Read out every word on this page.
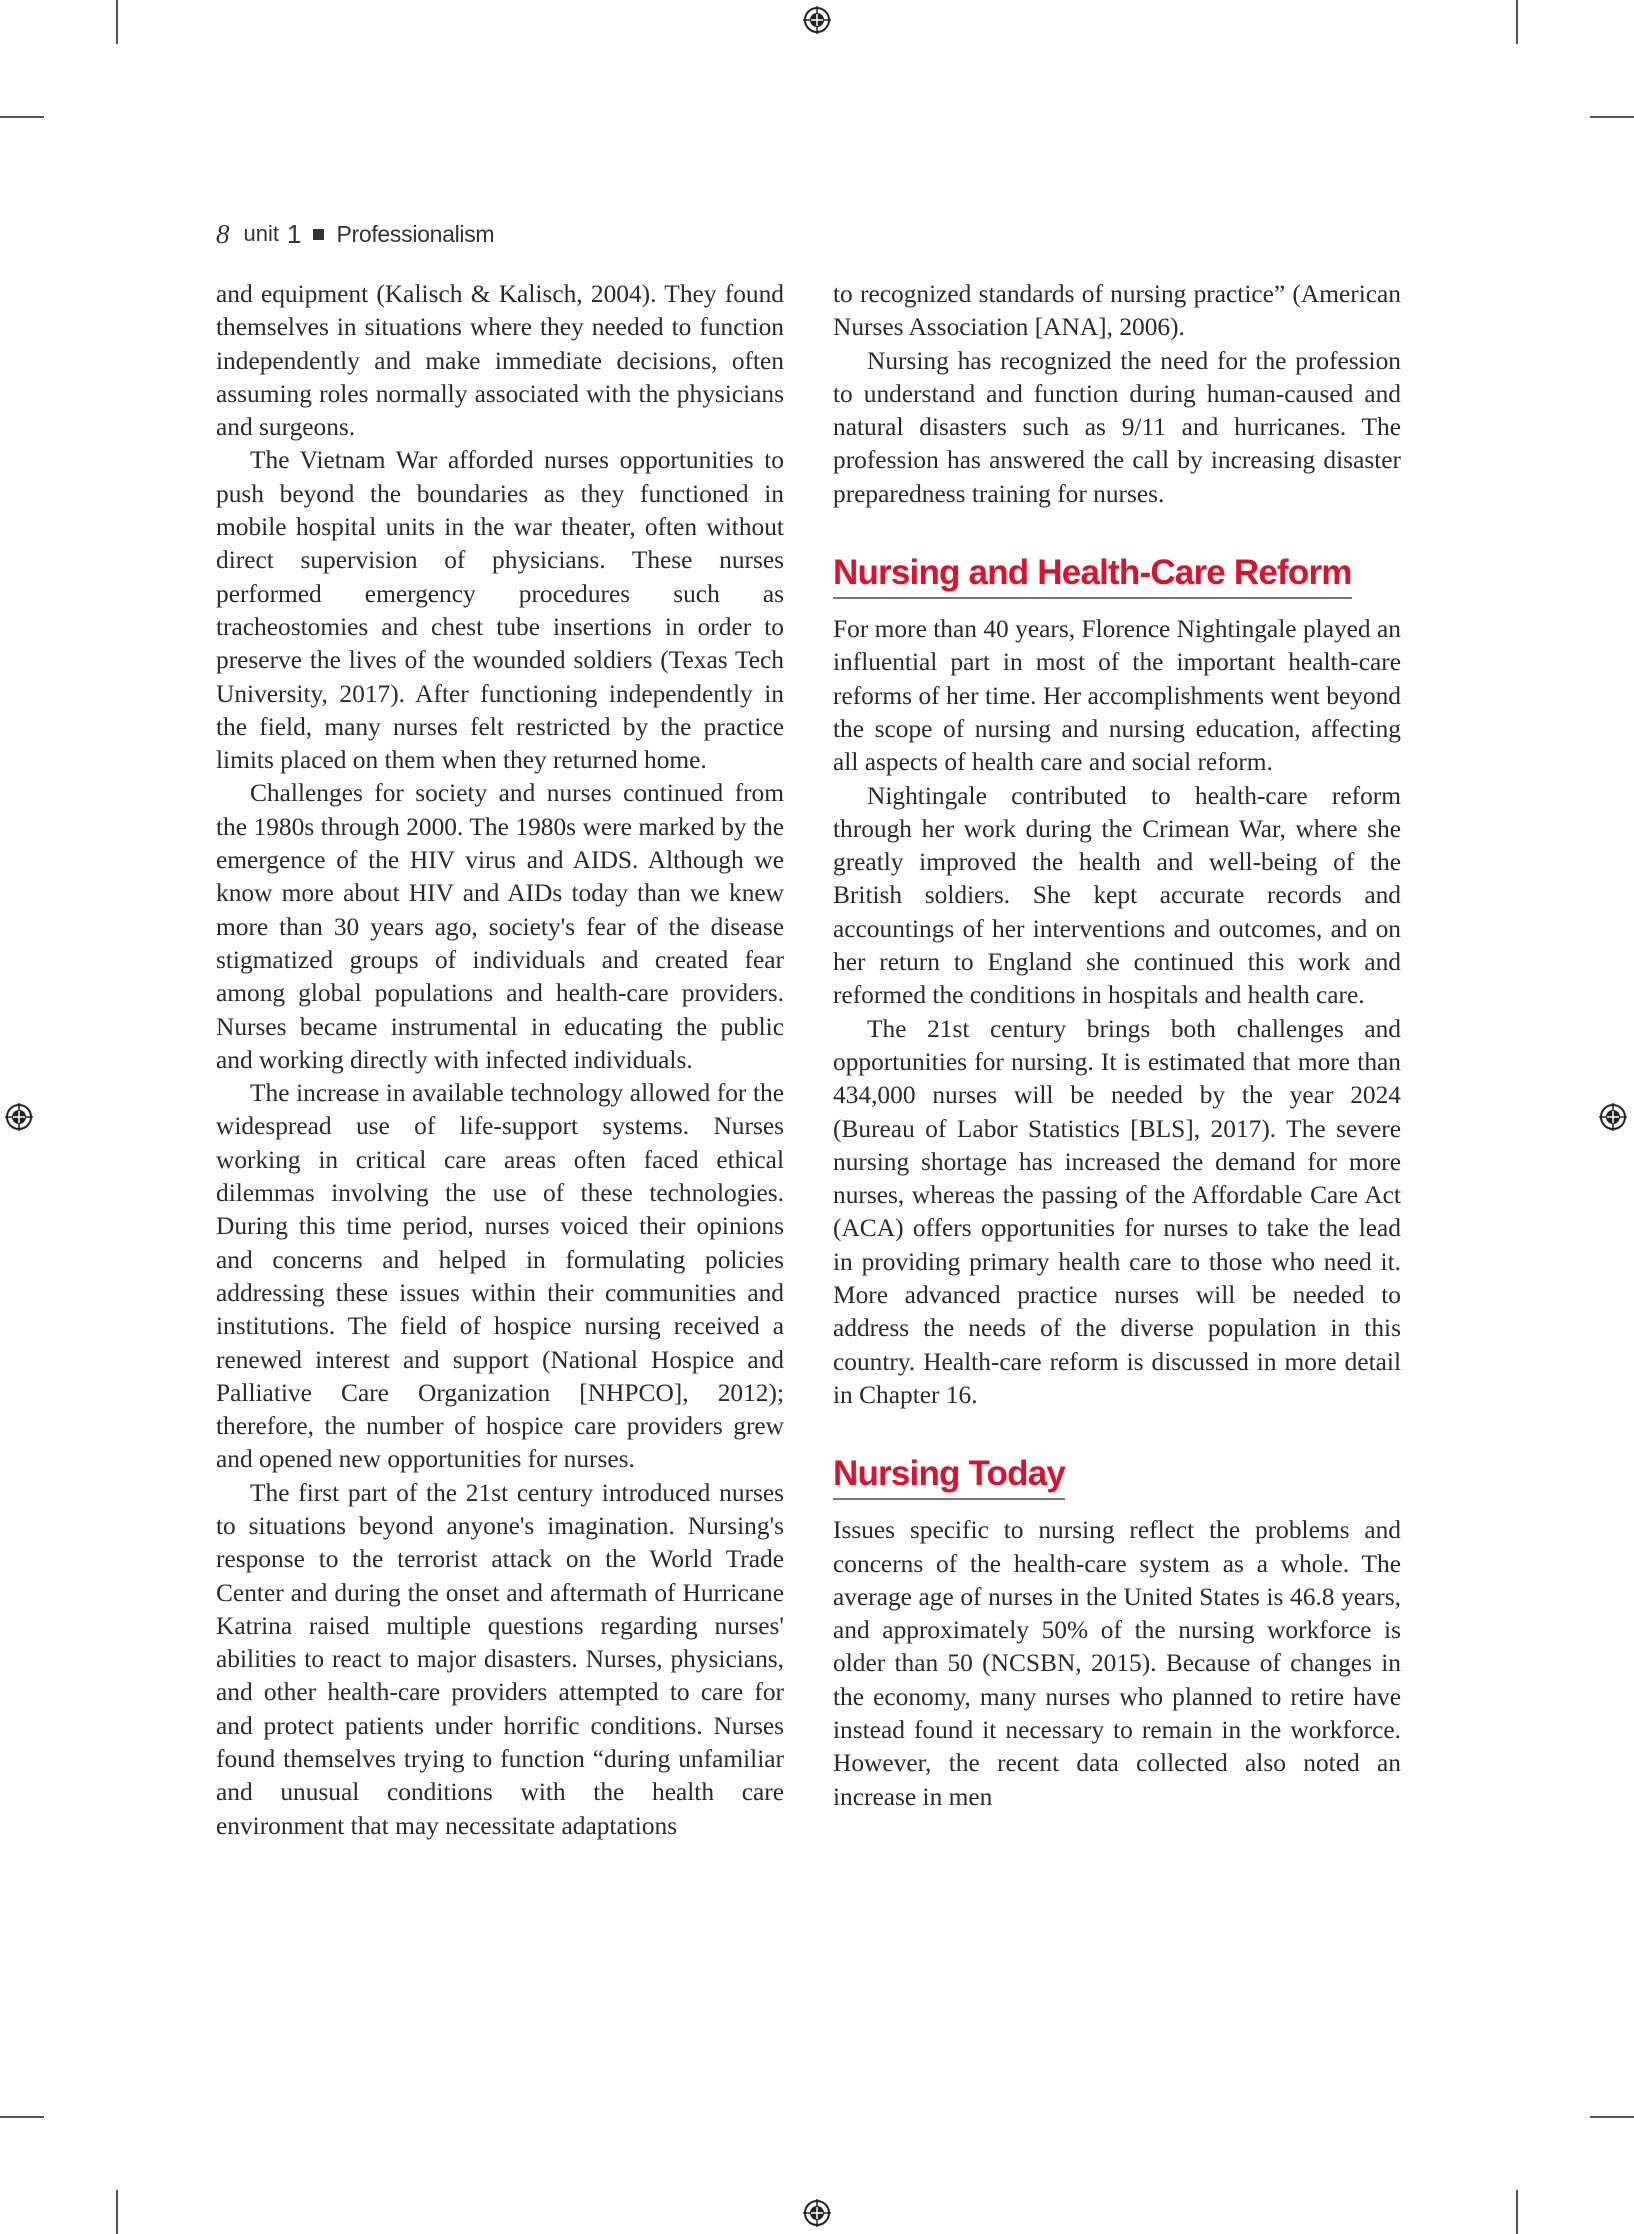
8 unit 1 Professionalism

and equipment (Kalisch & Kalisch, 2004). They found themselves in situations where they needed to function independently and make immediate decisions, often assuming roles normally associated with the physicians and surgeons.

The Vietnam War afforded nurses opportunities to push beyond the boundaries as they functioned in mobile hospital units in the war theater, often without direct supervision of physicians. These nurses performed emergency procedures such as tracheostomies and chest tube insertions in order to preserve the lives of the wounded soldiers (Texas Tech University, 2017). After functioning independently in the field, many nurses felt restricted by the practice limits placed on them when they returned home.

Challenges for society and nurses continued from the 1980s through 2000. The 1980s were marked by the emergence of the HIV virus and AIDS. Although we know more about HIV and AIDs today than we knew more than 30 years ago, society's fear of the disease stigmatized groups of individuals and created fear among global populations and health-care providers. Nurses became instrumental in educating the public and working directly with infected individuals.

The increase in available technology allowed for the widespread use of life-support systems. Nurses working in critical care areas often faced ethical dilemmas involving the use of these technologies. During this time period, nurses voiced their opinions and concerns and helped in formulating policies addressing these issues within their communities and institutions. The field of hospice nursing received a renewed interest and support (National Hospice and Palliative Care Organization [NHPCO], 2012); therefore, the number of hospice care providers grew and opened new opportunities for nurses.

The first part of the 21st century introduced nurses to situations beyond anyone's imagination. Nursing's response to the terrorist attack on the World Trade Center and during the onset and aftermath of Hurricane Katrina raised multiple questions regarding nurses' abilities to react to major disasters. Nurses, physicians, and other health-care providers attempted to care for and protect patients under horrific conditions. Nurses found themselves trying to function “during unfamiliar and unusual conditions with the health care environment that may necessitate adaptations

to recognized standards of nursing practice” (American Nurses Association [ANA], 2006).

Nursing has recognized the need for the profession to understand and function during human-caused and natural disasters such as 9/11 and hurricanes. The profession has answered the call by increasing disaster preparedness training for nurses.

Nursing and Health-Care Reform

For more than 40 years, Florence Nightingale played an influential part in most of the important health-care reforms of her time. Her accomplishments went beyond the scope of nursing and nursing education, affecting all aspects of health care and social reform.

Nightingale contributed to health-care reform through her work during the Crimean War, where she greatly improved the health and well-being of the British soldiers. She kept accurate records and accountings of her interventions and outcomes, and on her return to England she continued this work and reformed the conditions in hospitals and health care.

The 21st century brings both challenges and opportunities for nursing. It is estimated that more than 434,000 nurses will be needed by the year 2024 (Bureau of Labor Statistics [BLS], 2017). The severe nursing shortage has increased the demand for more nurses, whereas the passing of the Affordable Care Act (ACA) offers opportunities for nurses to take the lead in providing primary health care to those who need it. More advanced practice nurses will be needed to address the needs of the diverse population in this country. Health-care reform is discussed in more detail in Chapter 16.

Nursing Today

Issues specific to nursing reflect the problems and concerns of the health-care system as a whole. The average age of nurses in the United States is 46.8 years, and approximately 50% of the nursing workforce is older than 50 (NCSBN, 2015). Because of changes in the economy, many nurses who planned to retire have instead found it necessary to remain in the workforce. However, the recent data collected also noted an increase in men
